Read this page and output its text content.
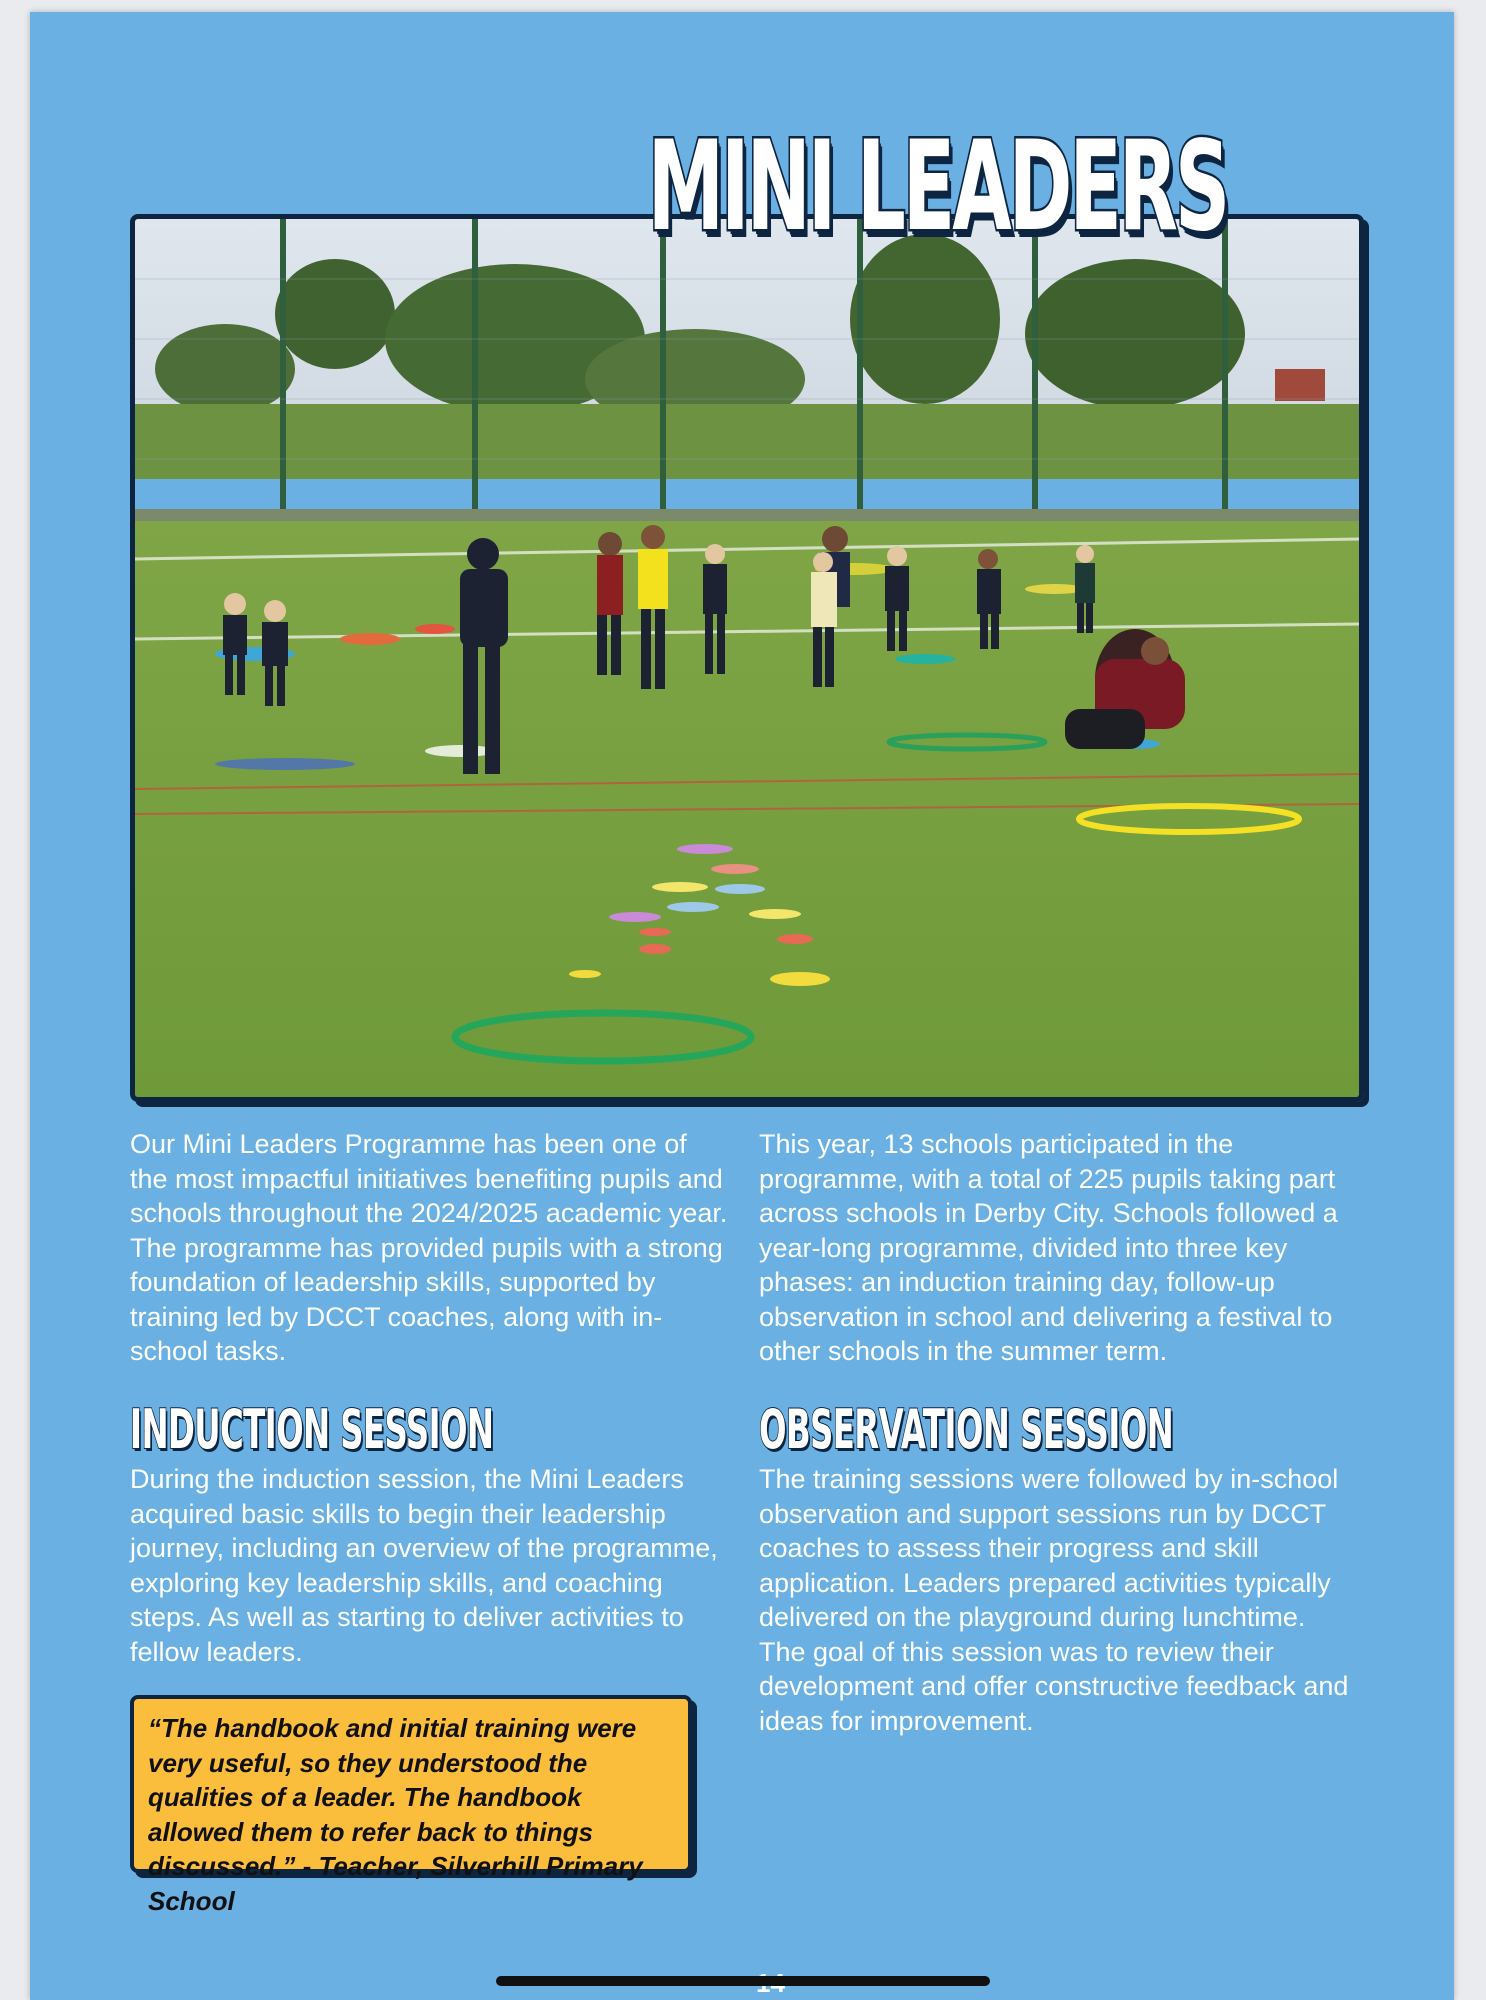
MINI LEADERS
Our Mini Leaders Programme has been one of the most impactful initiatives benefiting pupils and schools throughout the 2024/2025 academic year. The programme has provided pupils with a strong foundation of leadership skills, supported by training led by DCCT coaches, along with in-school tasks.
This year, 13 schools participated in the programme, with a total of 225 pupils taking part across schools in Derby City. Schools followed a year-long programme, divided into three key phases: an induction training day, follow-up observation in school and delivering a festival to other schools in the summer term.
INDUCTION SESSION	OBSERVATION SESSION
During the induction session, the Mini Leaders acquired basic skills to begin their leadership journey, including an overview of the programme, exploring key leadership skills, and coaching steps. As well as starting to deliver activities to fellow leaders.
The training sessions were followed by in-school observation and support sessions run by DCCT coaches to assess their progress and skill application. Leaders prepared activities typically delivered on the playground during lunchtime. The goal of this session was to review their development and offer constructive feedback and ideas for improvement.
“The handbook and initial training were very useful, so they understood the qualities of a leader. The handbook allowed them to refer back to things discussed.” - Teacher, Silverhill Primary School
